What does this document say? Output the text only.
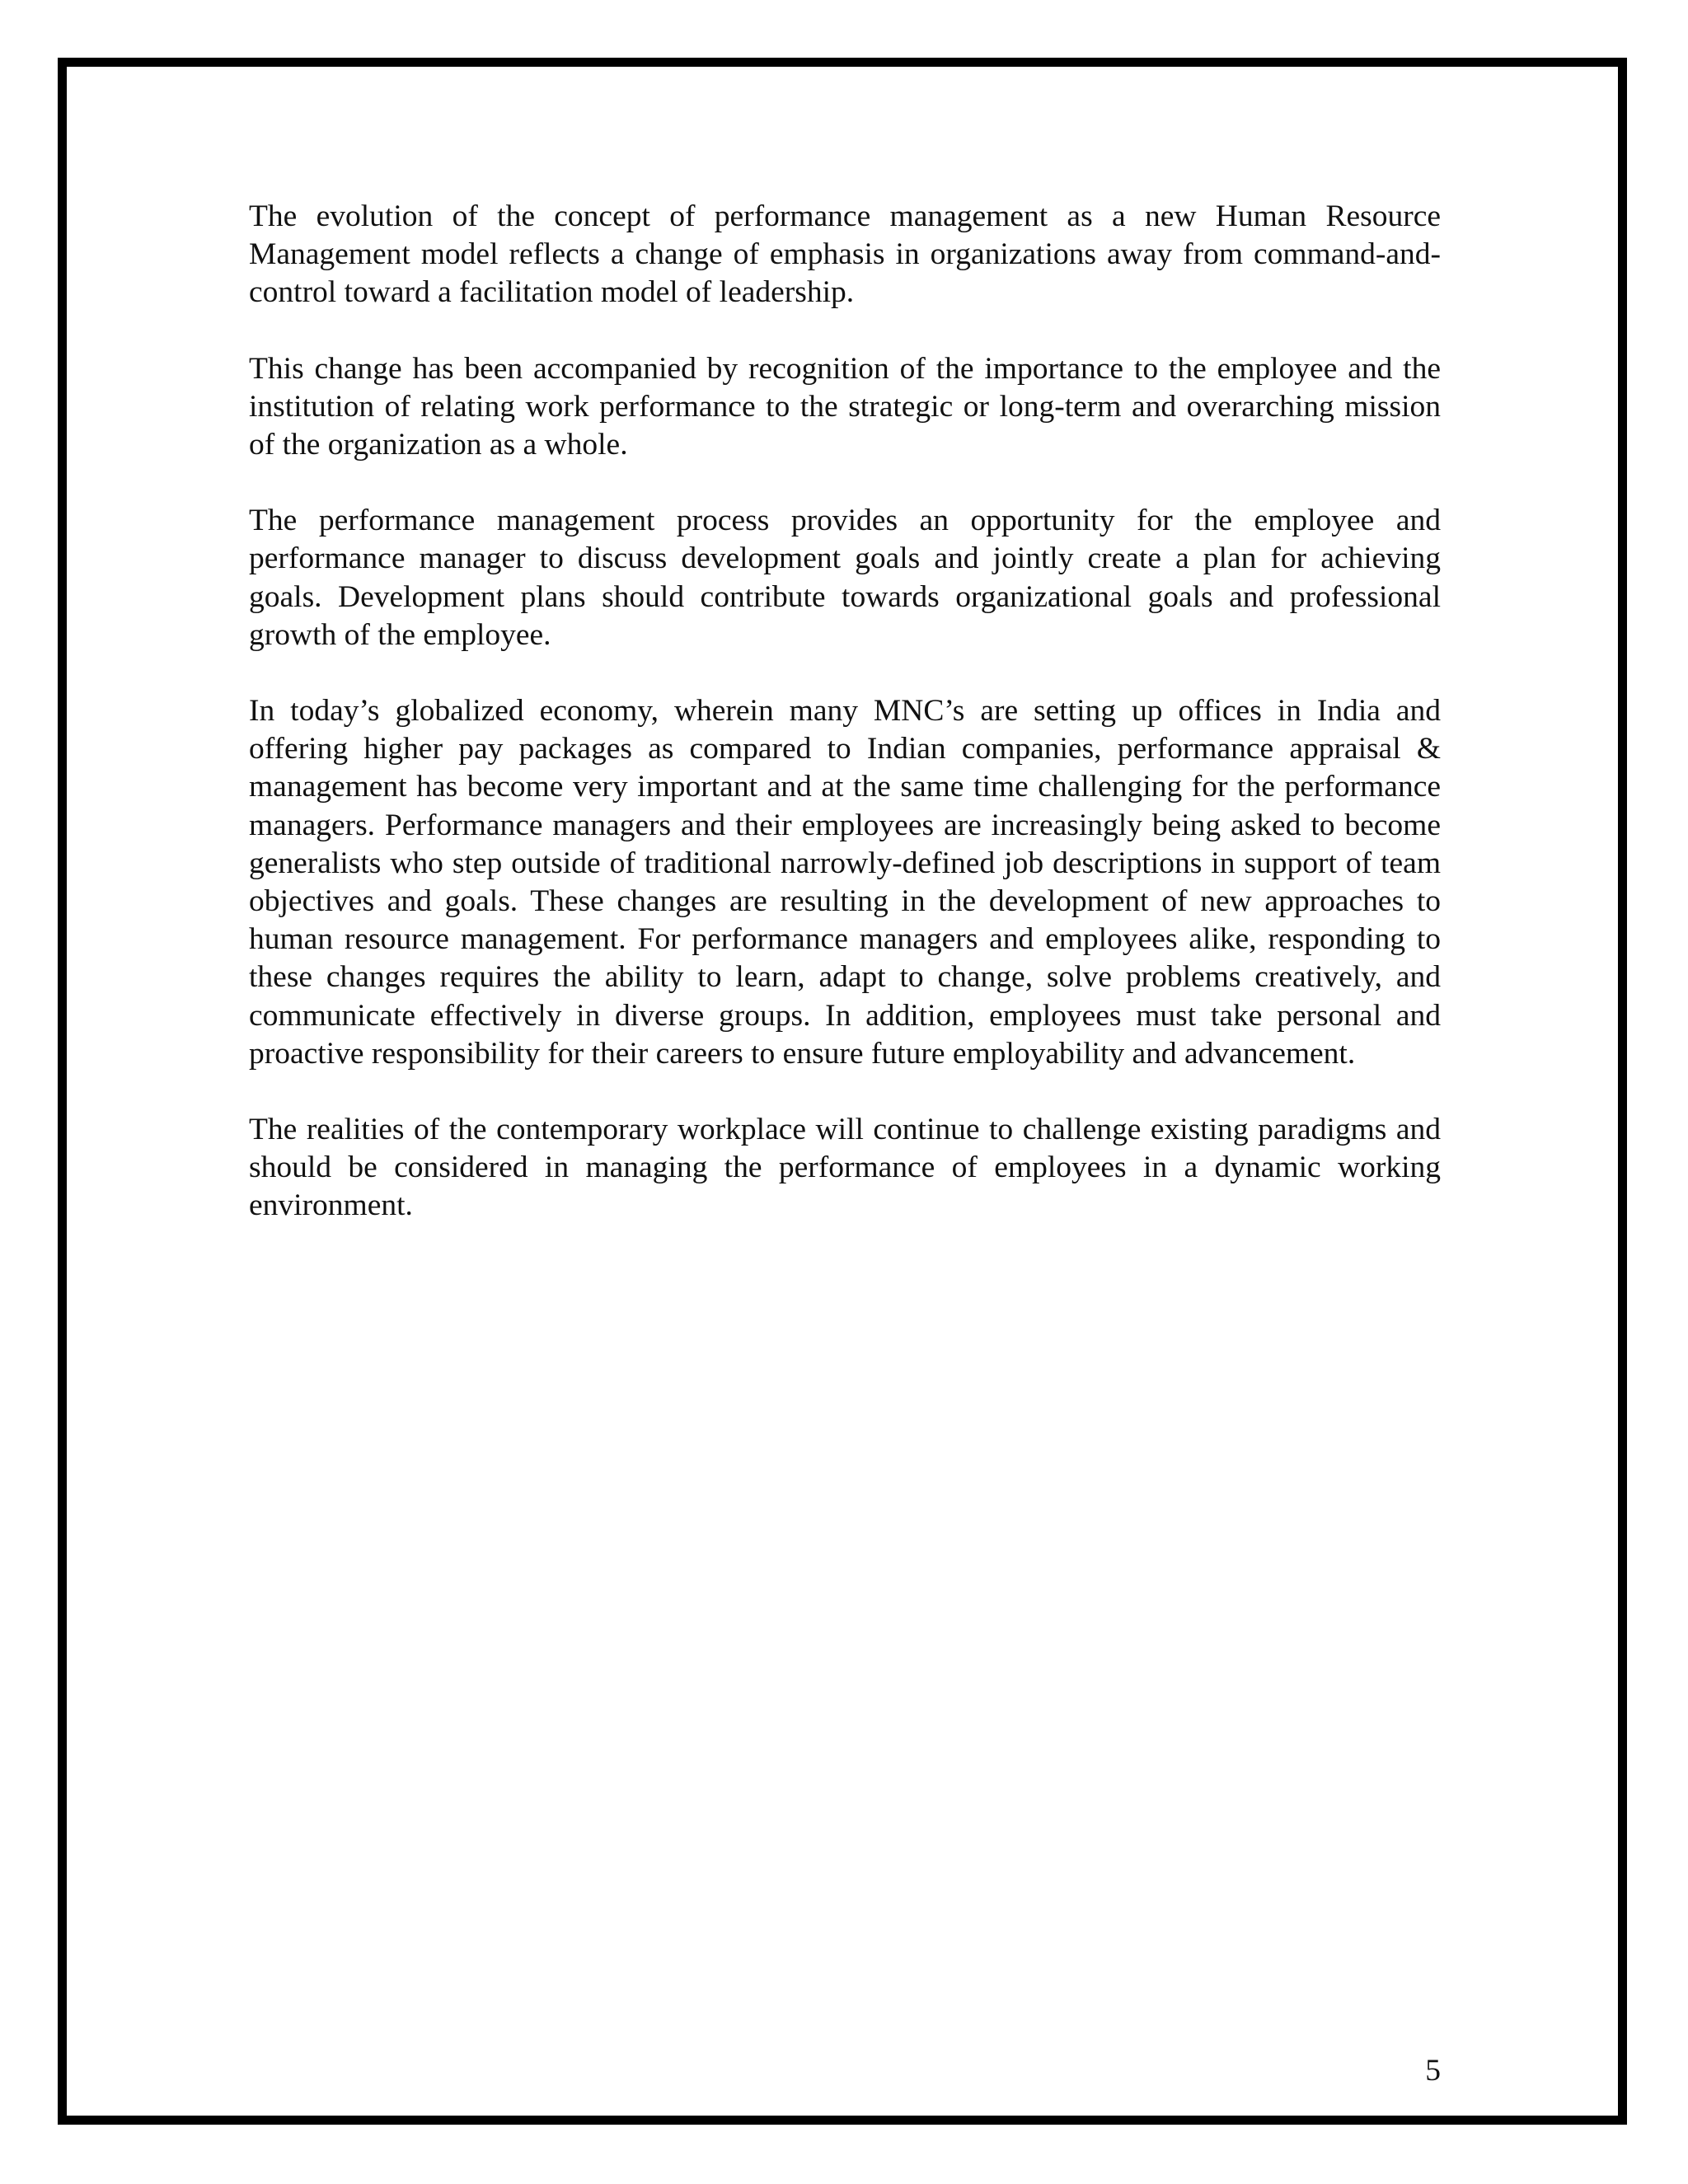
The evolution of the concept of performance management as a new Human Resource Management model reflects a change of emphasis in organizations away from command-and-control toward a facilitation model of leadership.

This change has been accompanied by recognition of the importance to the employee and the institution of relating work performance to the strategic or long-term and overarching mission of the organization as a whole.

The performance management process provides an opportunity for the employee and performance manager to discuss development goals and jointly create a plan for achieving goals. Development plans should contribute towards organizational goals and professional growth of the employee.

In today’s globalized economy, wherein many MNC’s are setting up offices in India and offering higher pay packages as compared to Indian companies, performance appraisal & management has become very important and at the same time challenging for the performance managers. Performance managers and their employees are increasingly being asked to become generalists who step outside of traditional narrowly-defined job descriptions in support of team objectives and goals. These changes are resulting in the development of new approaches to human resource management. For performance managers and employees alike, responding to these changes requires the ability to learn, adapt to change, solve problems creatively, and communicate effectively in diverse groups. In addition, employees must take personal and proactive responsibility for their careers to ensure future employability and advancement.

The realities of the contemporary workplace will continue to challenge existing paradigms and should be considered in managing the performance of employees in a dynamic working environment.

5
